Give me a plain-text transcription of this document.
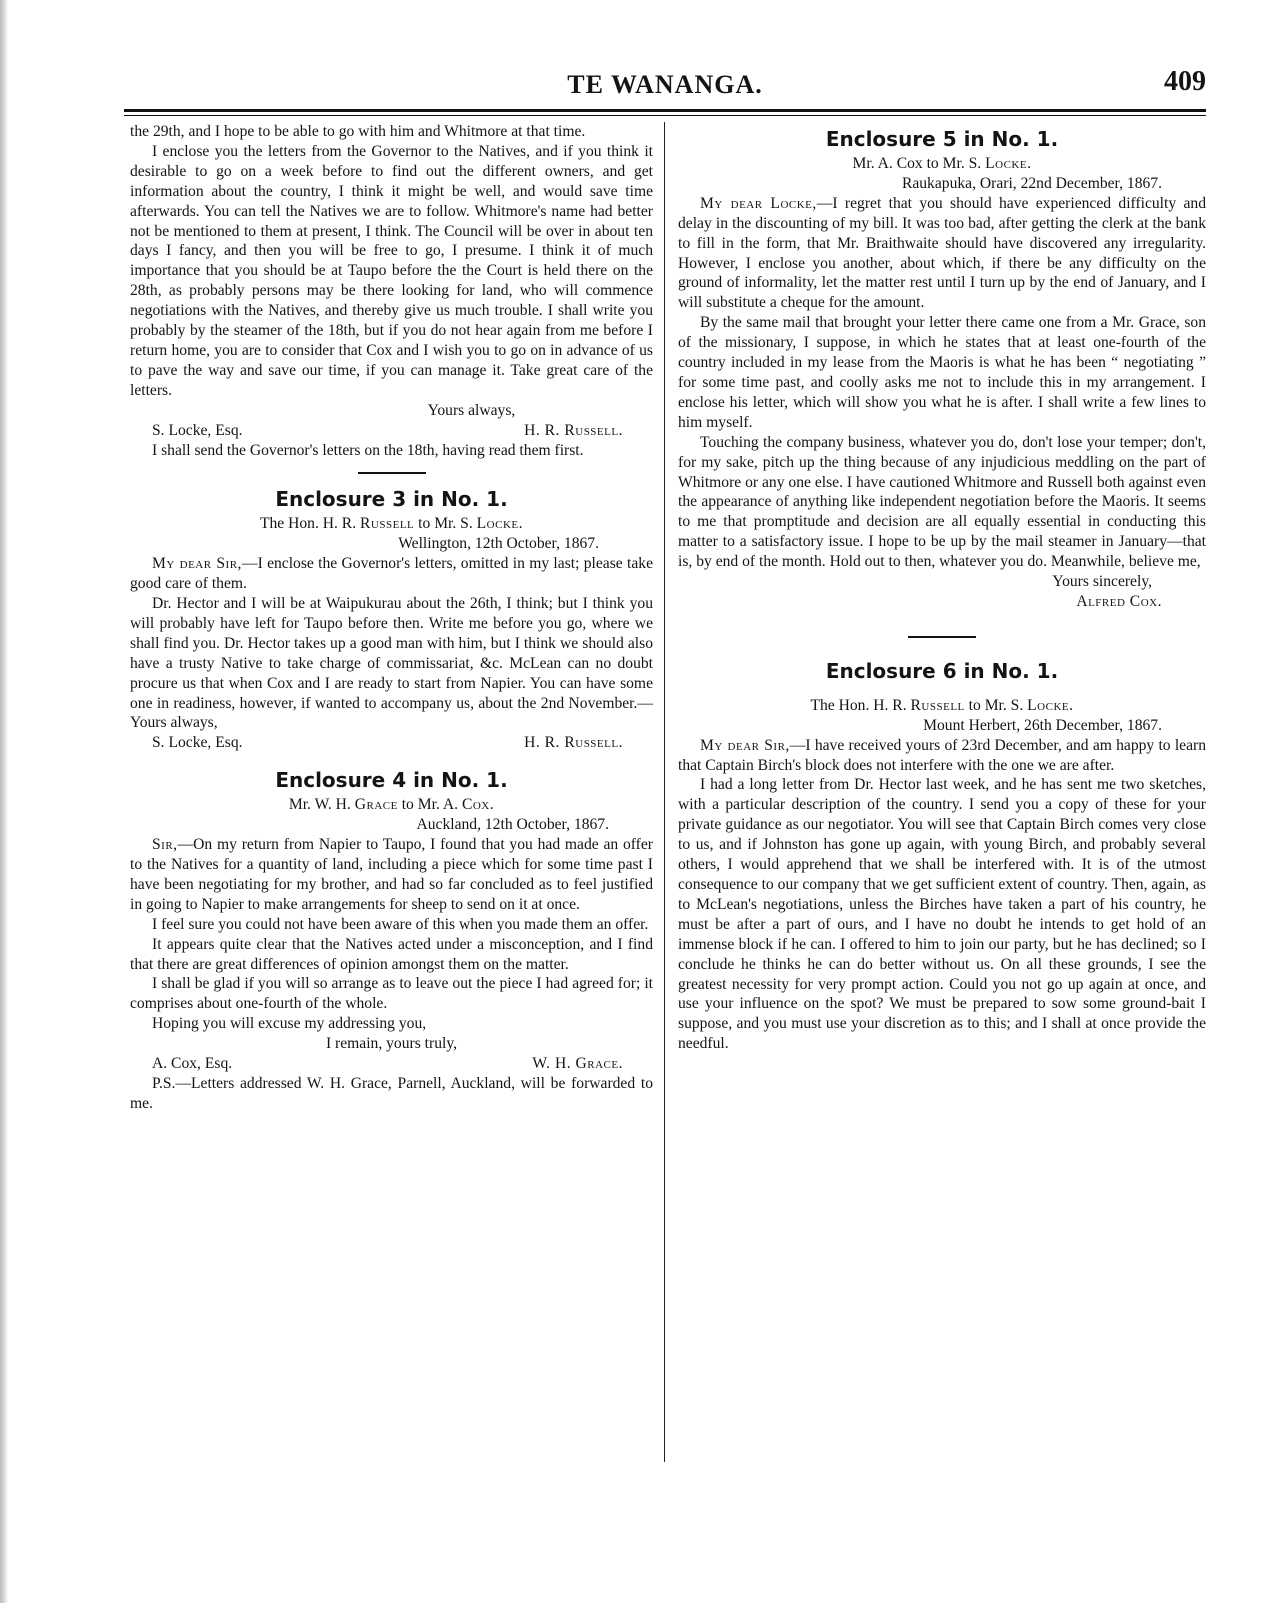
TE WANANGA.	409

the 29th, and I hope to be able to go with him and Whitmore at that time.

I enclose you the letters from the Governor to the Natives, and if you think it desirable to go on a week before to find out the different owners, and get information about the country, I think it might be well, and would save time afterwards. You can tell the Natives we are to follow. Whitmore's name had better not be mentioned to them at present, I think. The Council will be over in about ten days I fancy, and then you will be free to go, I presume. I think it of much importance that you should be at Taupo before the the Court is held there on the 28th, as probably persons may be there looking for land, who will commence negotiations with the Natives, and thereby give us much trouble. I shall write you probably by the steamer of the 18th, but if you do not hear again from me before I return home, you are to consider that Cox and I wish you to go on in advance of us to pave the way and save our time, if you can manage it. Take great care of the letters.

Yours always,

S. Locke, Esq.	H. R. Russell.

I shall send the Governor's letters on the 18th, having read them first.

Enclosure 3 in No. 1.

The Hon. H. R. Russell to Mr. S. Locke.

Wellington, 12th October, 1867.

My dear Sir,—I enclose the Governor's letters, omitted in my last; please take good care of them.

Dr. Hector and I will be at Waipukurau about the 26th, I think; but I think you will probably have left for Taupo before then. Write me before you go, where we shall find you. Dr. Hector takes up a good man with him, but I think we should also have a trusty Native to take charge of commissariat, &c. McLean can no doubt procure us that when Cox and I are ready to start from Napier. You can have some one in readiness, however, if wanted to accompany us, about the 2nd November.—Yours always,

S. Locke, Esq.	H. R. Russell.
Enclosure 4 in No. 1.

Mr. W. H. Grace to Mr. A. Cox.

Auckland, 12th October, 1867.

Sir,—On my return from Napier to Taupo, I found that you had made an offer to the Natives for a quantity of land, including a piece which for some time past I have been negotiating for my brother, and had so far concluded as to feel justified in going to Napier to make arrangements for sheep to send on it at once.

I feel sure you could not have been aware of this when you made them an offer.

It appears quite clear that the Natives acted under a misconception, and I find that there are great differences of opinion amongst them on the matter.

I shall be glad if you will so arrange as to leave out the piece I had agreed for; it comprises about one-fourth of the whole.

Hoping you will excuse my addressing you,

I remain, yours truly,

A. Cox, Esq.	W. H. Grace.

P.S.—Letters addressed W. H. Grace, Parnell, Auckland, will be forwarded to me.

Enclosure 5 in No. 1.

Mr. A. Cox to Mr. S. Locke.

Raukapuka, Orari, 22nd December, 1867.

My dear Locke,—I regret that you should have experienced difficulty and delay in the discounting of my bill. It was too bad, after getting the clerk at the bank to fill in the form, that Mr. Braithwaite should have discovered any irregularity. However, I enclose you another, about which, if there be any difficulty on the ground of informality, let the matter rest until I turn up by the end of January, and I will substitute a cheque for the amount.

By the same mail that brought your letter there came one from a Mr. Grace, son of the missionary, I suppose, in which he states that at least one-fourth of the country included in my lease from the Maoris is what he has been “ negotiating ” for some time past, and coolly asks me not to include this in my arrangement. I enclose his letter, which will show you what he is after. I shall write a few lines to him myself.

Touching the company business, whatever you do, don't lose your temper; don't, for my sake, pitch up the thing because of any injudicious meddling on the part of Whitmore or any one else. I have cautioned Whitmore and Russell both against even the appearance of anything like independent negotiation before the Maoris. It seems to me that promptitude and decision are all equally essential in conducting this matter to a satisfactory issue. I hope to be up by the mail steamer in January—that is, by end of the month. Hold out to then, whatever you do. Meanwhile, believe me,

Yours sincerely,

Alfred Cox.

Enclosure 6 in No. 1.

The Hon. H. R. Russell to Mr. S. Locke.

Mount Herbert, 26th December, 1867.

My dear Sir,—I have received yours of 23rd December, and am happy to learn that Captain Birch's block does not interfere with the one we are after.

I had a long letter from Dr. Hector last week, and he has sent me two sketches, with a particular description of the country. I send you a copy of these for your private guidance as our negotiator. You will see that Captain Birch comes very close to us, and if Johnston has gone up again, with young Birch, and probably several others, I would apprehend that we shall be interfered with. It is of the utmost consequence to our company that we get sufficient extent of country. Then, again, as to McLean's negotiations, unless the Birches have taken a part of his country, he must be after a part of ours, and I have no doubt he intends to get hold of an immense block if he can. I offered to him to join our party, but he has declined; so I conclude he thinks he can do better without us. On all these grounds, I see the greatest necessity for very prompt action. Could you not go up again at once, and use your influence on the spot? We must be prepared to sow some ground-bait I suppose, and you must use your discretion as to this; and I shall at once provide the needful.
